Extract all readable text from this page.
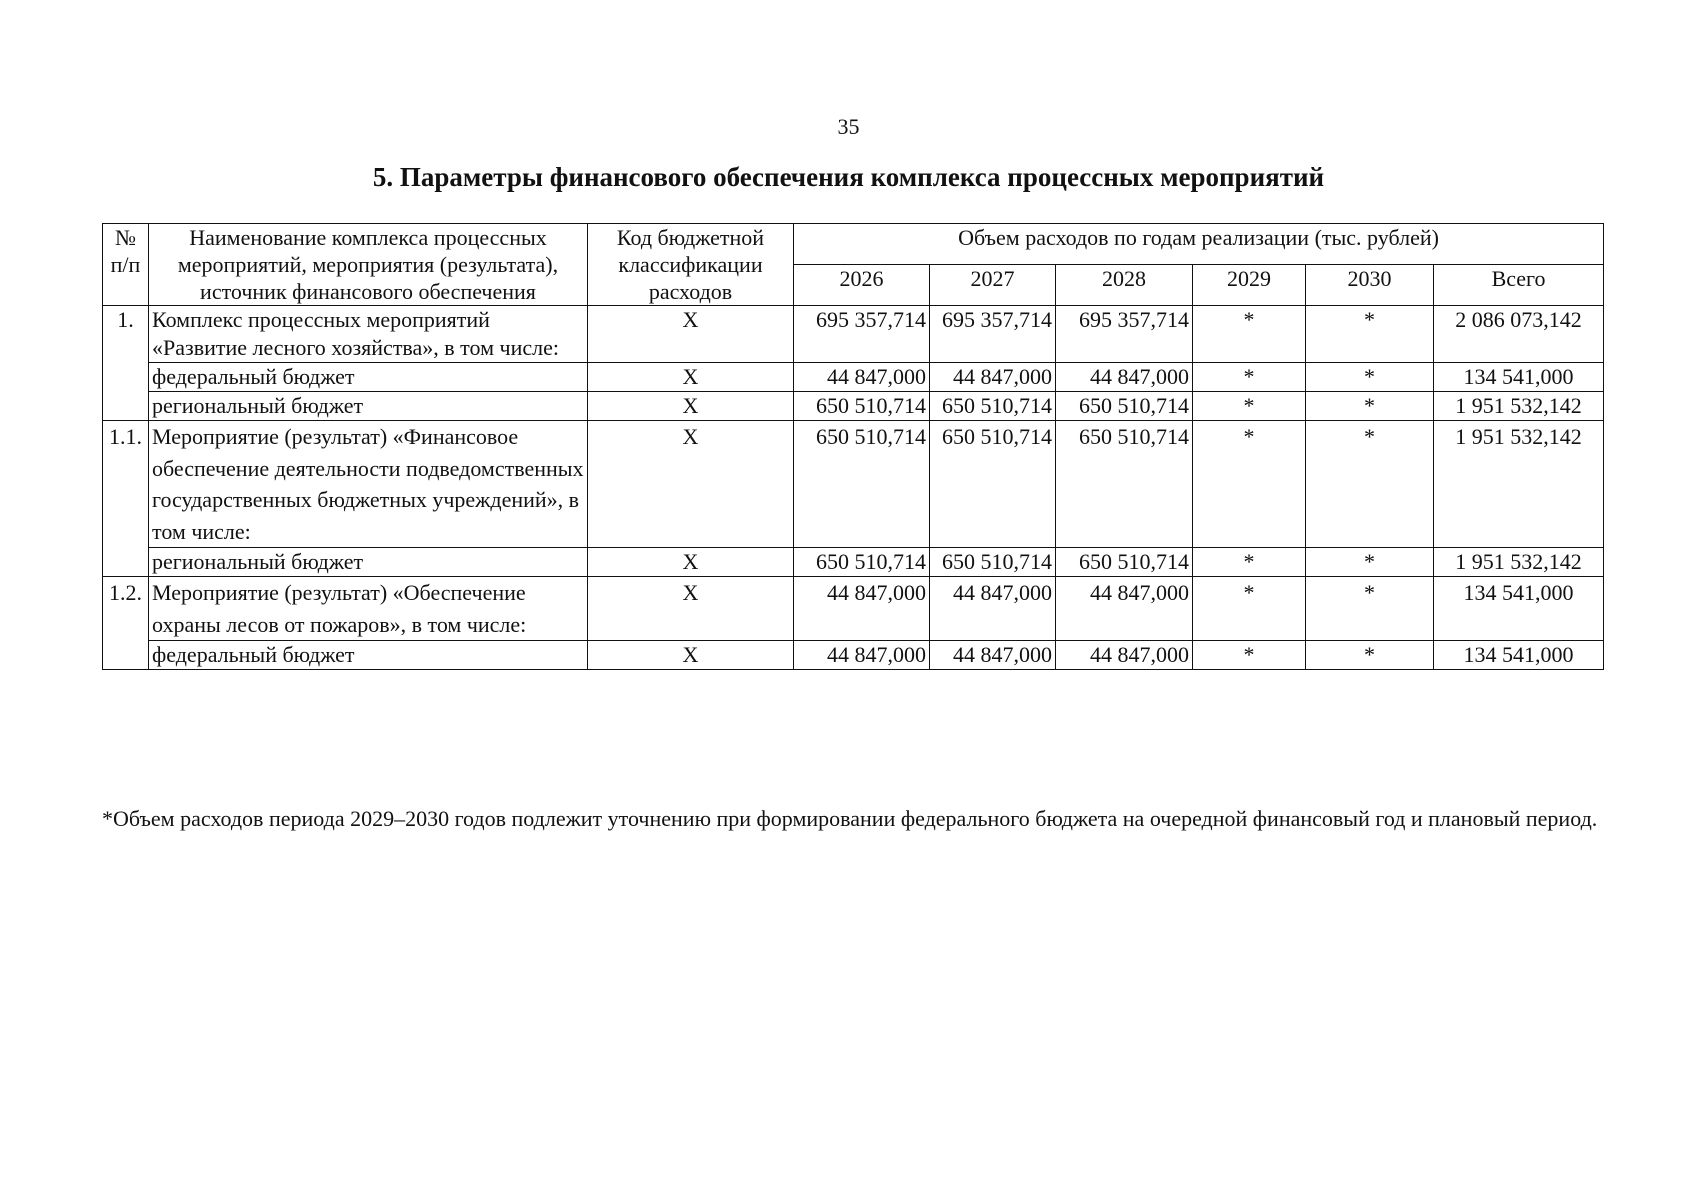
35
5. Параметры финансового обеспечения комплекса процессных мероприятий
№ п/п	Наименование комплекса процессных мероприятий, мероприятия (результата), источник финансового обеспечения	Код бюджетной классификации расходов	Объем расходов по годам реализации (тыс. рублей)					
			2026	2027	2028	2029	2030	Всего
1.	Комплекс процессных мероприятий «Развитие лесного хозяйства», в том числе:	Х	695 357,714	695 357,714	695 357,714	*	*	2 086 073,142
	федеральный бюджет	Х	44 847,000	44 847,000	44 847,000	*	*	134 541,000
	региональный бюджет	Х	650 510,714	650 510,714	650 510,714	*	*	1 951 532,142
1.1.	Мероприятие (результат) «Финансовое обеспечение деятельности подведомственных государственных бюджетных учреждений», в том числе:	Х	650 510,714	650 510,714	650 510,714	*	*	1 951 532,142
	региональный бюджет	Х	650 510,714	650 510,714	650 510,714	*	*	1 951 532,142
1.2.	Мероприятие (результат) «Обеспечение охраны лесов от пожаров», в том числе:	Х	44 847,000	44 847,000	44 847,000	*	*	134 541,000
	федеральный бюджет	Х	44 847,000	44 847,000	44 847,000	*	*	134 541,000
*Объем расходов периода 2029–2030 годов подлежит уточнению при формировании федерального бюджета на очередной финансовый год и плановый период.
